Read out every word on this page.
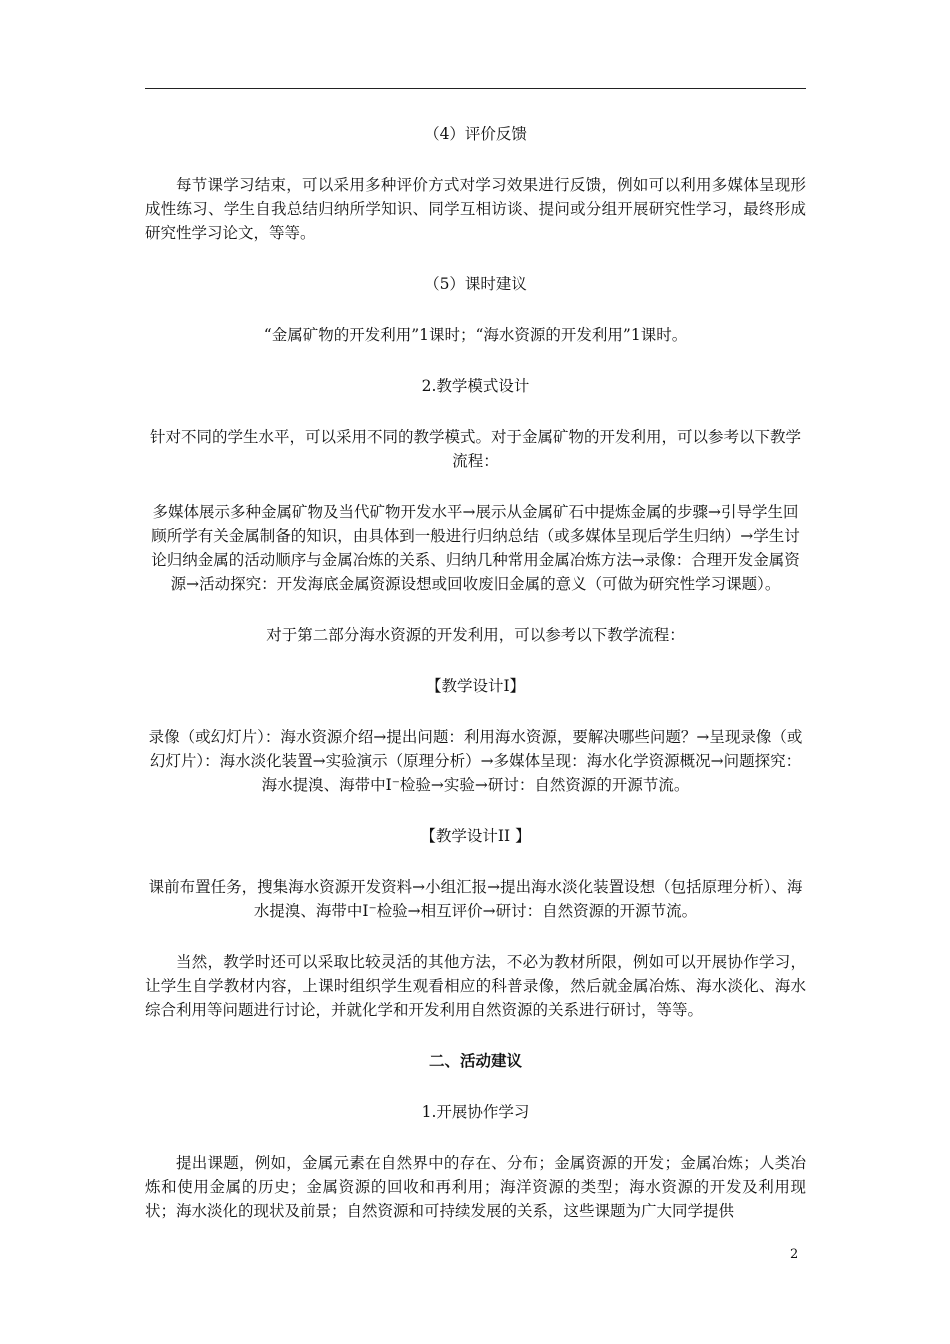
（4）评价反馈

每节课学习结束，可以采用多种评价方式对学习效果进行反馈，例如可以利用多媒体呈现形成性练习、学生自我总结归纳所学知识、同学互相访谈、提问或分组开展研究性学习，最终形成研究性学习论文，等等。

（5）课时建议

“金属矿物的开发利用”1课时；“海水资源的开发利用”1课时。

2.教学模式设计

针对不同的学生水平，可以采用不同的教学模式。对于金属矿物的开发利用，可以参考以下教学流程：

多媒体展示多种金属矿物及当代矿物开发水平→展示从金属矿石中提炼金属的步骤→引导学生回顾所学有关金属制备的知识，由具体到一般进行归纳总结（或多媒体呈现后学生归纳）→学生讨论归纳金属的活动顺序与金属冶炼的关系、归纳几种常用金属冶炼方法→录像：合理开发金属资源→活动探究：开发海底金属资源设想或回收废旧金属的意义（可做为研究性学习课题）。

对于第二部分海水资源的开发利用，可以参考以下教学流程：

【教学设计Ⅰ】

录像（或幻灯片）：海水资源介绍→提出问题：利用海水资源，要解决哪些问题？→呈现录像（或幻灯片）：海水淡化装置→实验演示（原理分析）→多媒体呈现：海水化学资源概况→问题探究：海水提溴、海带中I⁻检验→实验→研讨：自然资源的开源节流。

【教学设计II 】

课前布置任务，搜集海水资源开发资料→小组汇报→提出海水淡化装置设想（包括原理分析）、海水提溴、海带中I⁻检验→相互评价→研讨：自然资源的开源节流。

当然，教学时还可以采取比较灵活的其他方法，不必为教材所限，例如可以开展协作学习，让学生自学教材内容，上课时组织学生观看相应的科普录像，然后就金属冶炼、海水淡化、海水综合利用等问题进行讨论，并就化学和开发利用自然资源的关系进行研讨，等等。

二、活动建议

1.开展协作学习

提出课题，例如，金属元素在自然界中的存在、分布；金属资源的开发；金属冶炼；人类冶炼和使用金属的历史；金属资源的回收和再利用；海洋资源的类型；海水资源的开发及利用现状；海水淡化的现状及前景；自然资源和可持续发展的关系，这些课题为广大同学提供

2
